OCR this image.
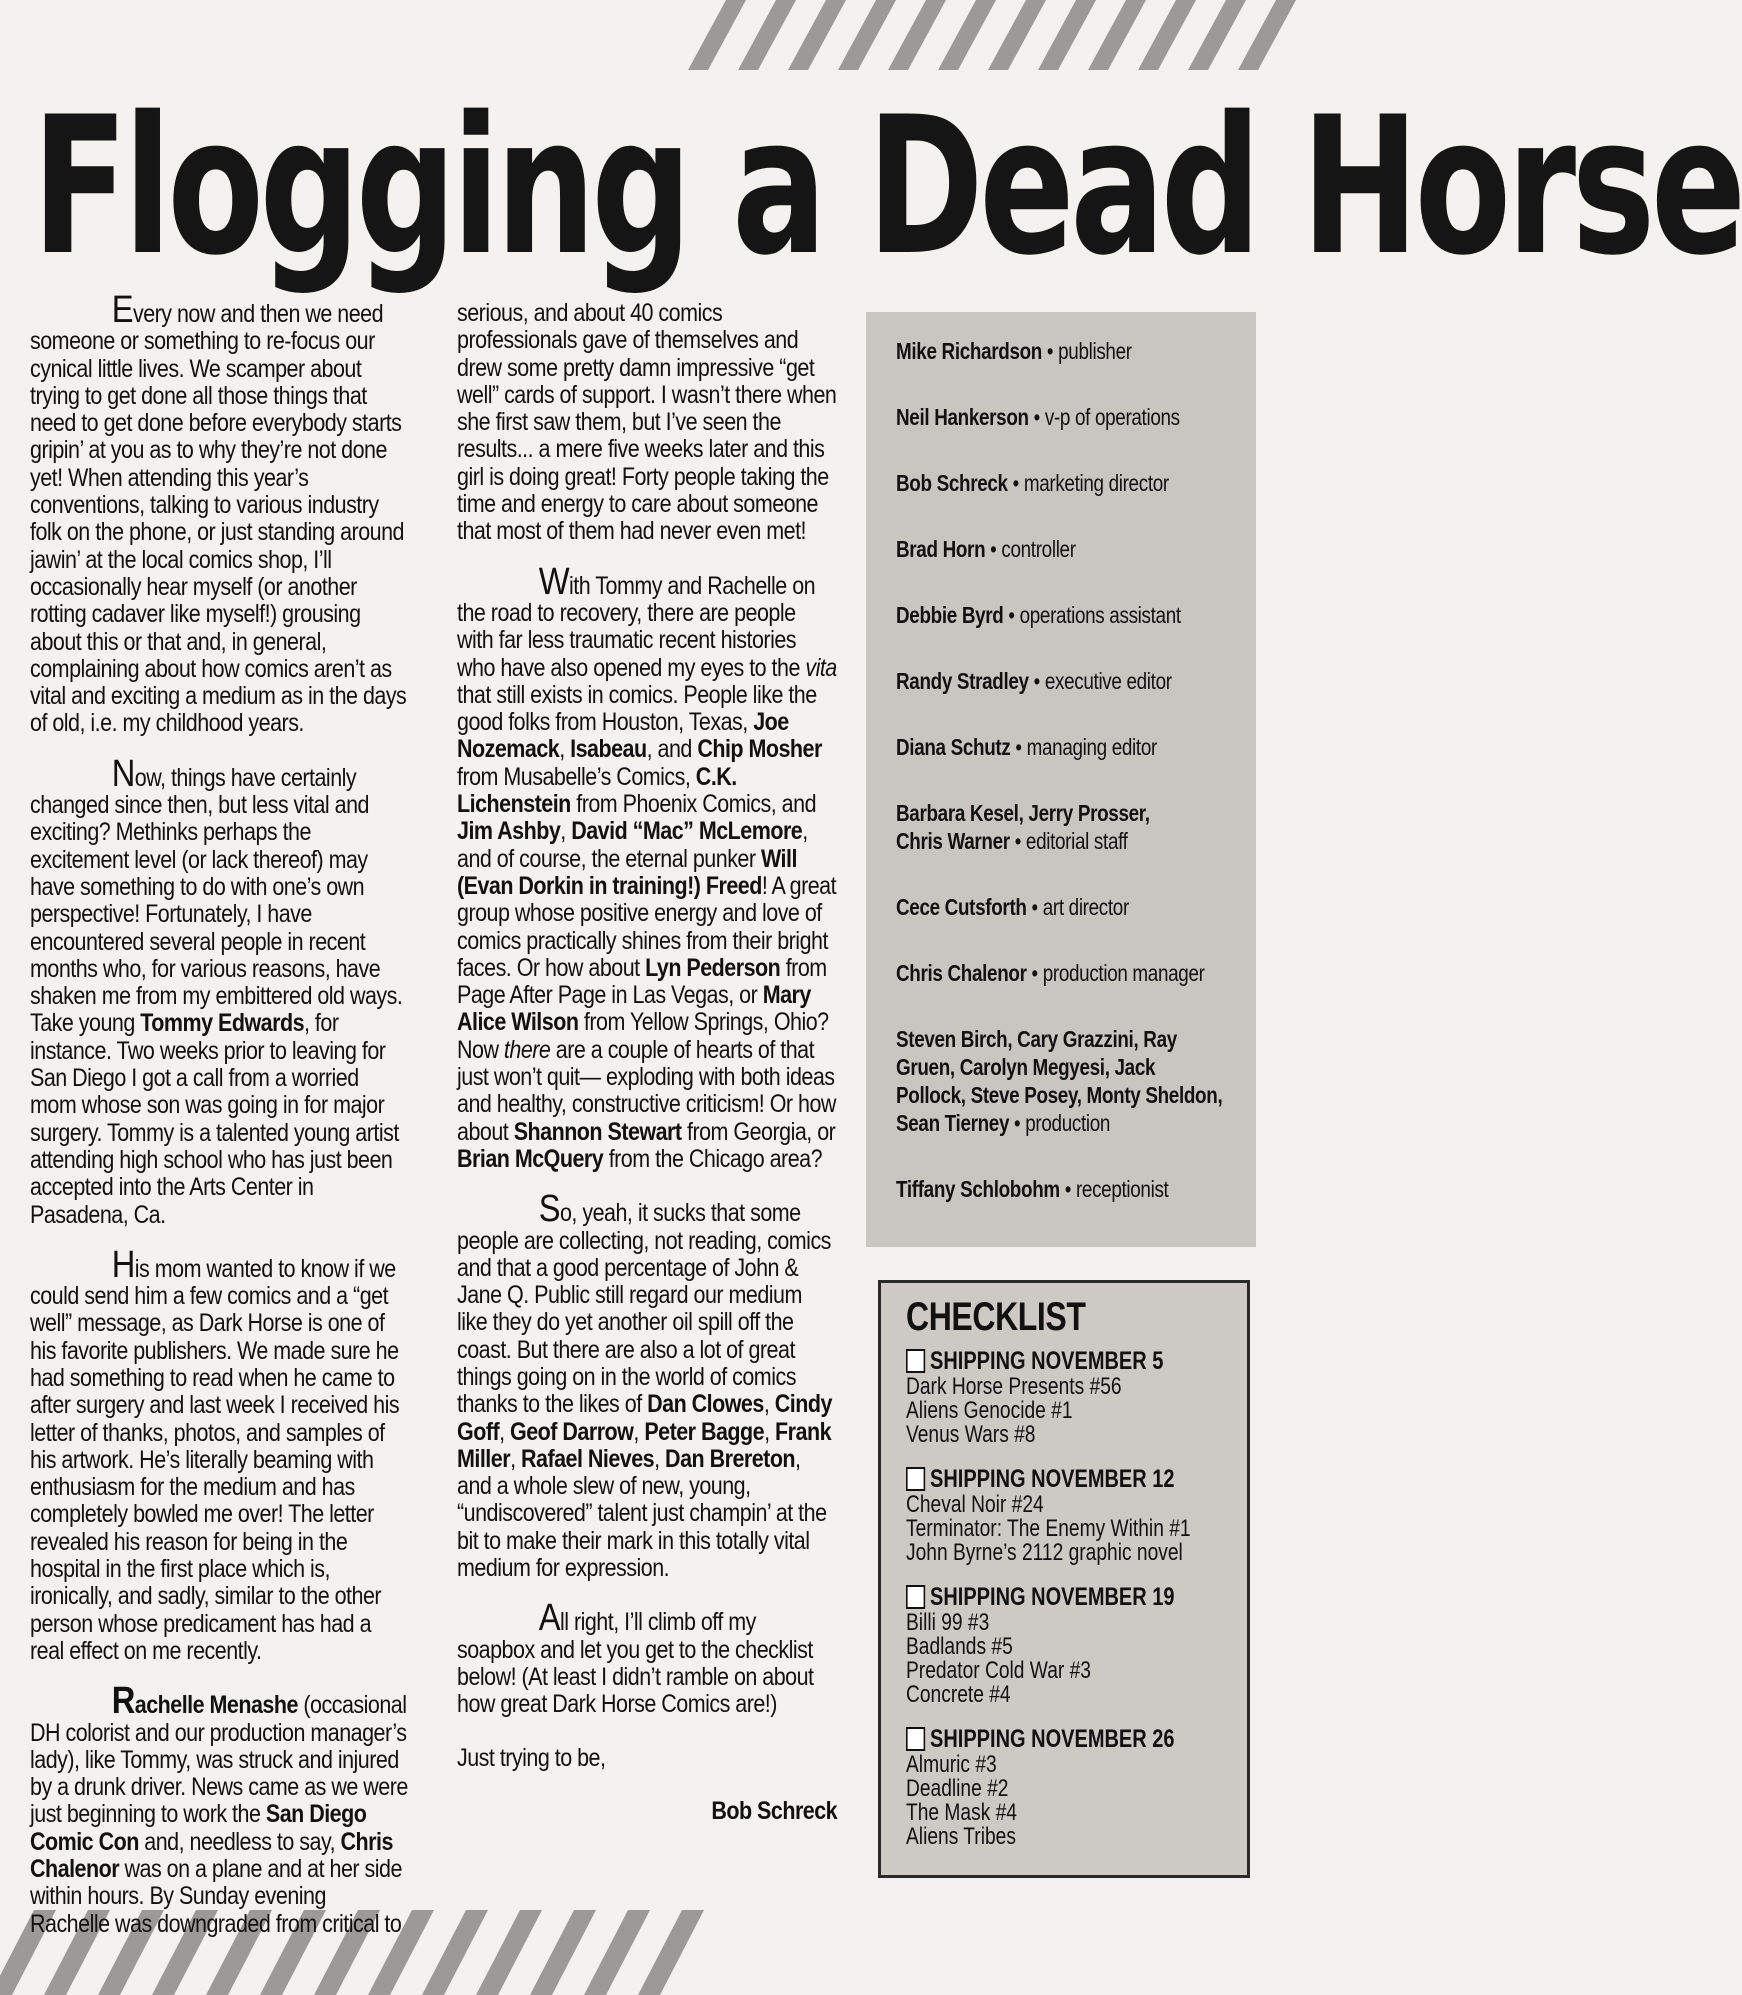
Flogging a Dead Horse

Every now and then we need someone or something to re-focus our cynical little lives. We scamper about trying to get done all those things that need to get done before everybody starts gripin’ at you as to why they’re not done yet! When attending this year’s conventions, talking to various industry folk on the phone, or just standing around jawin’ at the local comics shop, I’ll occasionally hear myself (or another rotting cadaver like myself!) grousing about this or that and, in general, complaining about how comics aren’t as vital and exciting a medium as in the days of old, i.e. my childhood years.

Now, things have certainly changed since then, but less vital and exciting? Methinks perhaps the excitement level (or lack thereof) may have something to do with one’s own perspective! Fortunately, I have encountered several people in recent months who, for various reasons, have shaken me from my embittered old ways. Take young Tommy Edwards, for instance. Two weeks prior to leaving for San Diego I got a call from a worried mom whose son was going in for major surgery. Tommy is a talented young artist attending high school who has just been accepted into the Arts Center in Pasadena, Ca.

His mom wanted to know if we could send him a few comics and a “get well” message, as Dark Horse is one of his favorite publishers. We made sure he had something to read when he came to after surgery and last week I received his letter of thanks, photos, and samples of his artwork. He’s literally beaming with enthusiasm for the medium and has completely bowled me over! The letter revealed his reason for being in the hospital in the first place which is, ironically, and sadly, similar to the other person whose predicament has had a real effect on me recently.

Rachelle Menashe (occasional DH colorist and our production manager’s lady), like Tommy, was struck and injured by a drunk driver. News came as we were just beginning to work the San Diego Comic Con and, needless to say, Chris Chalenor was on a plane and at her side within hours. By Sunday evening Rachelle was downgraded from critical to

serious, and about 40 comics professionals gave of themselves and drew some pretty damn impressive “get well” cards of support. I wasn’t there when she first saw them, but I’ve seen the results... a mere five weeks later and this girl is doing great! Forty people taking the time and energy to care about someone that most of them had never even met!

With Tommy and Rachelle on the road to recovery, there are people with far less traumatic recent histories who have also opened my eyes to the vita that still exists in comics. People like the good folks from Houston, Texas, Joe Nozemack, Isabeau, and Chip Mosher from Musabelle’s Comics, C.K. Lichenstein from Phoenix Comics, and Jim Ashby, David “Mac” McLemore, and of course, the eternal punker Will (Evan Dorkin in training!) Freed! A great group whose positive energy and love of comics practically shines from their bright faces. Or how about Lyn Pederson from Page After Page in Las Vegas, or Mary Alice Wilson from Yellow Springs, Ohio? Now there are a couple of hearts of that just won’t quit— exploding with both ideas and healthy, constructive criticism! Or how about Shannon Stewart from Georgia, or Brian McQuery from the Chicago area?

So, yeah, it sucks that some people are collecting, not reading, comics and that a good percentage of John & Jane Q. Public still regard our medium like they do yet another oil spill off the coast. But there are also a lot of great things going on in the world of comics thanks to the likes of Dan Clowes, Cindy Goff, Geof Darrow, Peter Bagge, Frank Miller, Rafael Nieves, Dan Brereton, and a whole slew of new, young, “undiscovered” talent just champin’ at the bit to make their mark in this totally vital medium for expression.

All right, I’ll climb off my soapbox and let you get to the checklist below! (At least I didn’t ramble on about how great Dark Horse Comics are!)

Just trying to be,

Bob Schreck

Mike Richardson • publisher
Neil Hankerson • v-p of operations
Bob Schreck • marketing director
Brad Horn • controller
Debbie Byrd • operations assistant
Randy Stradley • executive editor
Diana Schutz • managing editor
Barbara Kesel, Jerry Prosser, Chris Warner • editorial staff
Cece Cutsforth • art director
Chris Chalenor • production manager
Steven Birch, Cary Grazzini, Ray Gruen, Carolyn Megyesi, Jack Pollock, Steve Posey, Monty Sheldon, Sean Tierney • production
Tiffany Schlobohm • receptionist
CHECKLIST
SHIPPING NOVEMBER 5
Dark Horse Presents #56
Aliens Genocide #1
Venus Wars #8
SHIPPING NOVEMBER 12
Cheval Noir #24
Terminator: The Enemy Within #1
John Byrne’s 2112 graphic novel
SHIPPING NOVEMBER 19
Billi 99 #3
Badlands #5
Predator Cold War #3
Concrete #4
SHIPPING NOVEMBER 26
Almuric #3
Deadline #2
The Mask #4
Aliens Tribes
